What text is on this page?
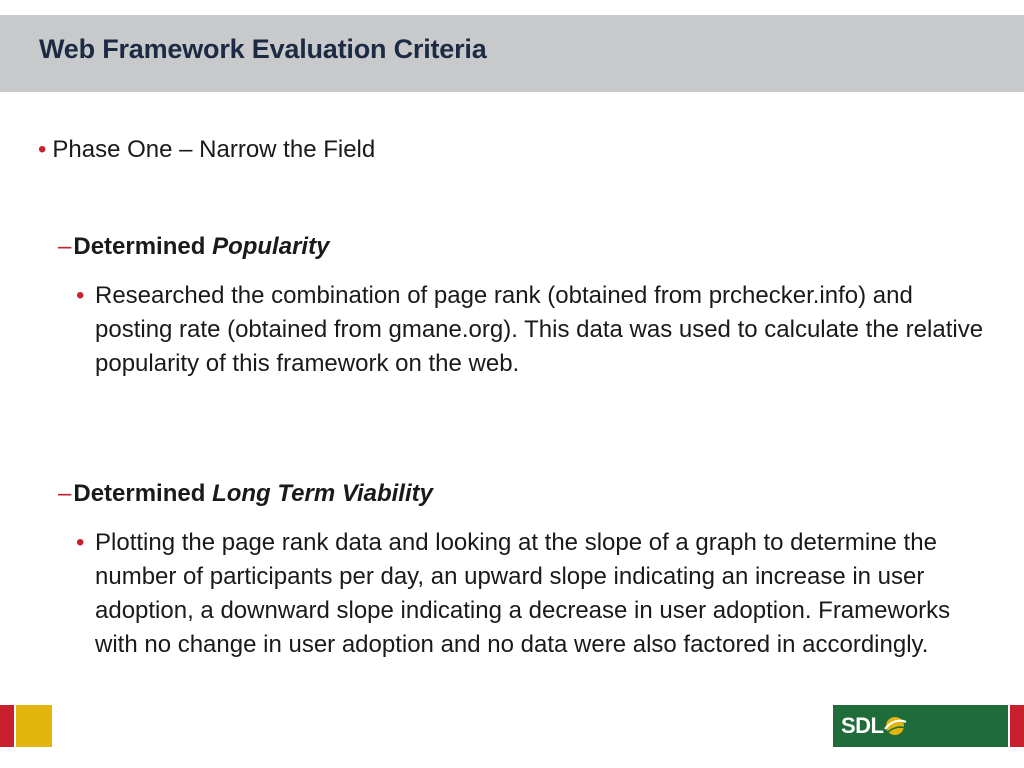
Web Framework Evaluation Criteria
• Phase One – Narrow the Field
–Determined Popularity
• Researched the combination of page rank (obtained from prchecker.info) and posting rate (obtained from gmane.org). This data was used to calculate the relative popularity of this framework on the web.
–Determined Long Term Viability
• Plotting the page rank data and looking at the slope of a graph to determine the number of participants per day, an upward slope indicating an increase in user adoption, a downward slope indicating a decrease in user adoption. Frameworks with no change in user adoption and no data were also factored in accordingly.
SDL
